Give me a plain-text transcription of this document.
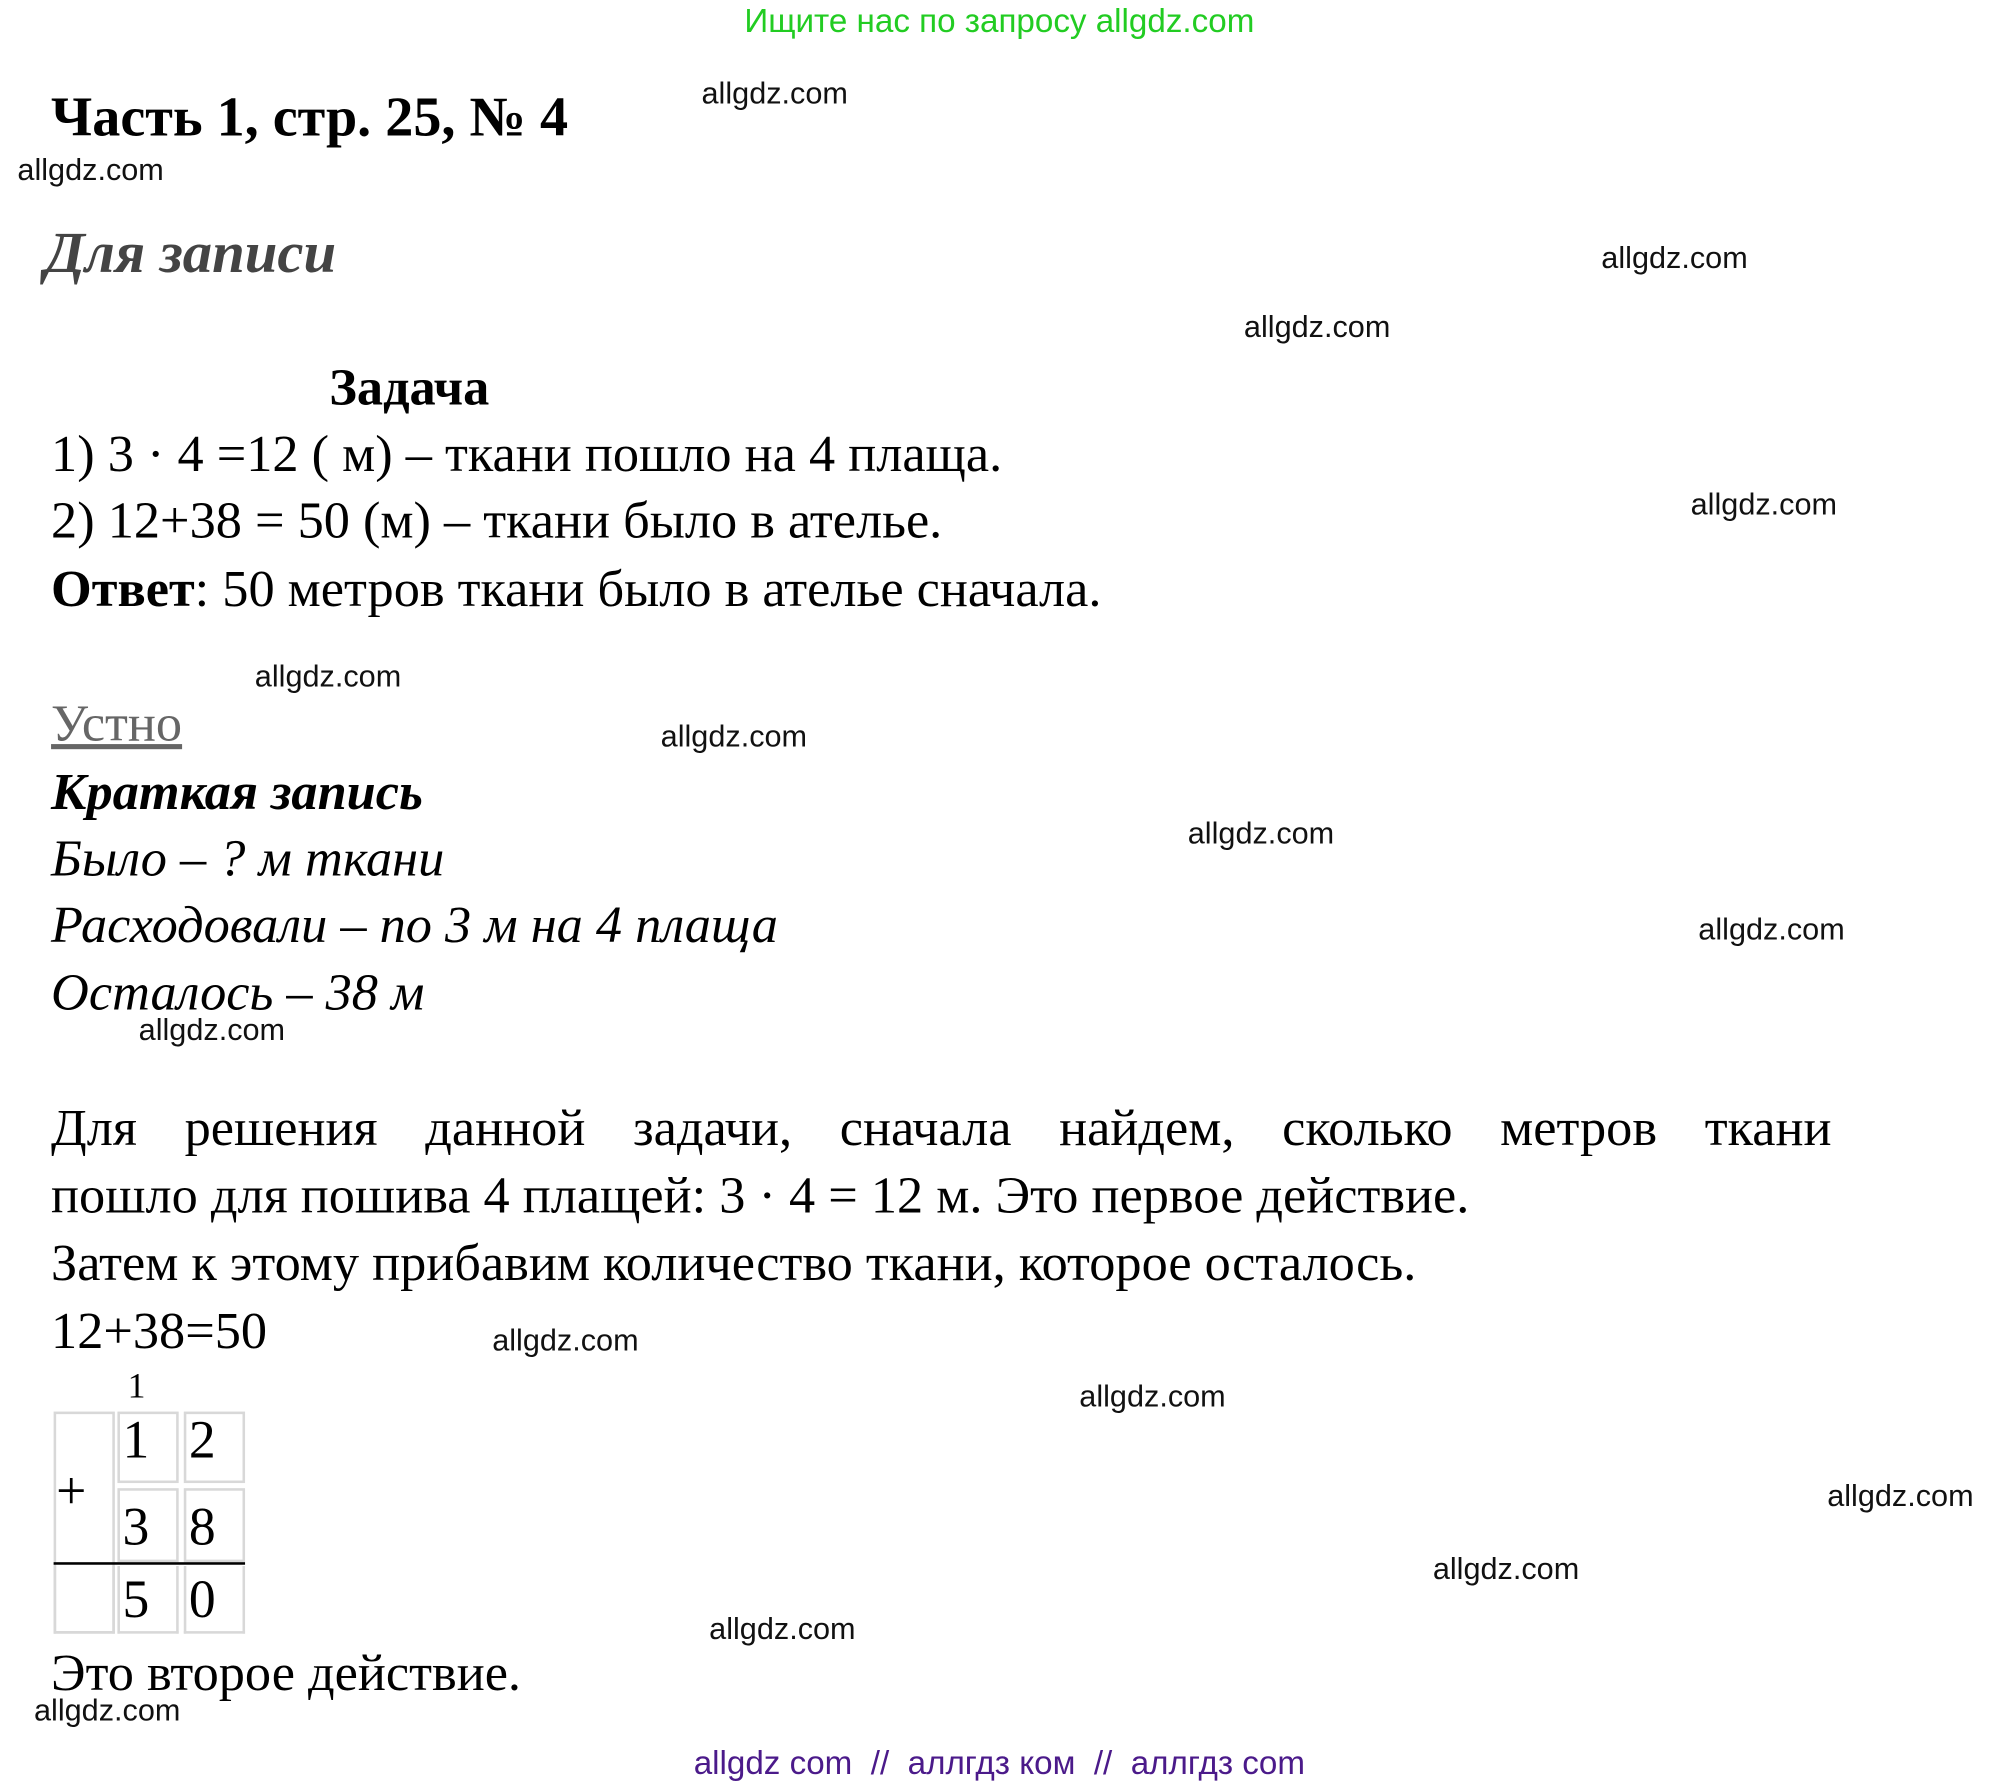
Ищите нас по запросу allgdz.com
Часть 1, стр. 25, № 4
Для записи
Задача
1) 3 · 4 =12 ( м) – ткани пошло на 4 плаща.
2) 12+38 = 50 (м) – ткани было в ателье.
Ответ: 50 метров ткани было в ателье сначала.
Устно
Краткая запись
Было – ? м ткани
Расходовали – по 3 м на 4 плаща
Осталось – 38 м
Для решения данной задачи, сначала найдем, сколько метров ткани
пошло для пошива 4 плащей: 3 · 4 = 12 м. Это первое действие.
Затем к этому прибавим количество ткани, которое осталось.
12+38=50
1
+
1 2
3 8
5 0
Это второе действие.
allgdz.com
allgdz.com
allgdz.com
allgdz.com
allgdz.com
allgdz.com
allgdz.com
allgdz.com
allgdz.com
allgdz.com
allgdz.com
allgdz.com
allgdz.com
allgdz.com
allgdz.com
allgdz.com
allgdz com  //  аллгдз ком  //  аллгдз com
